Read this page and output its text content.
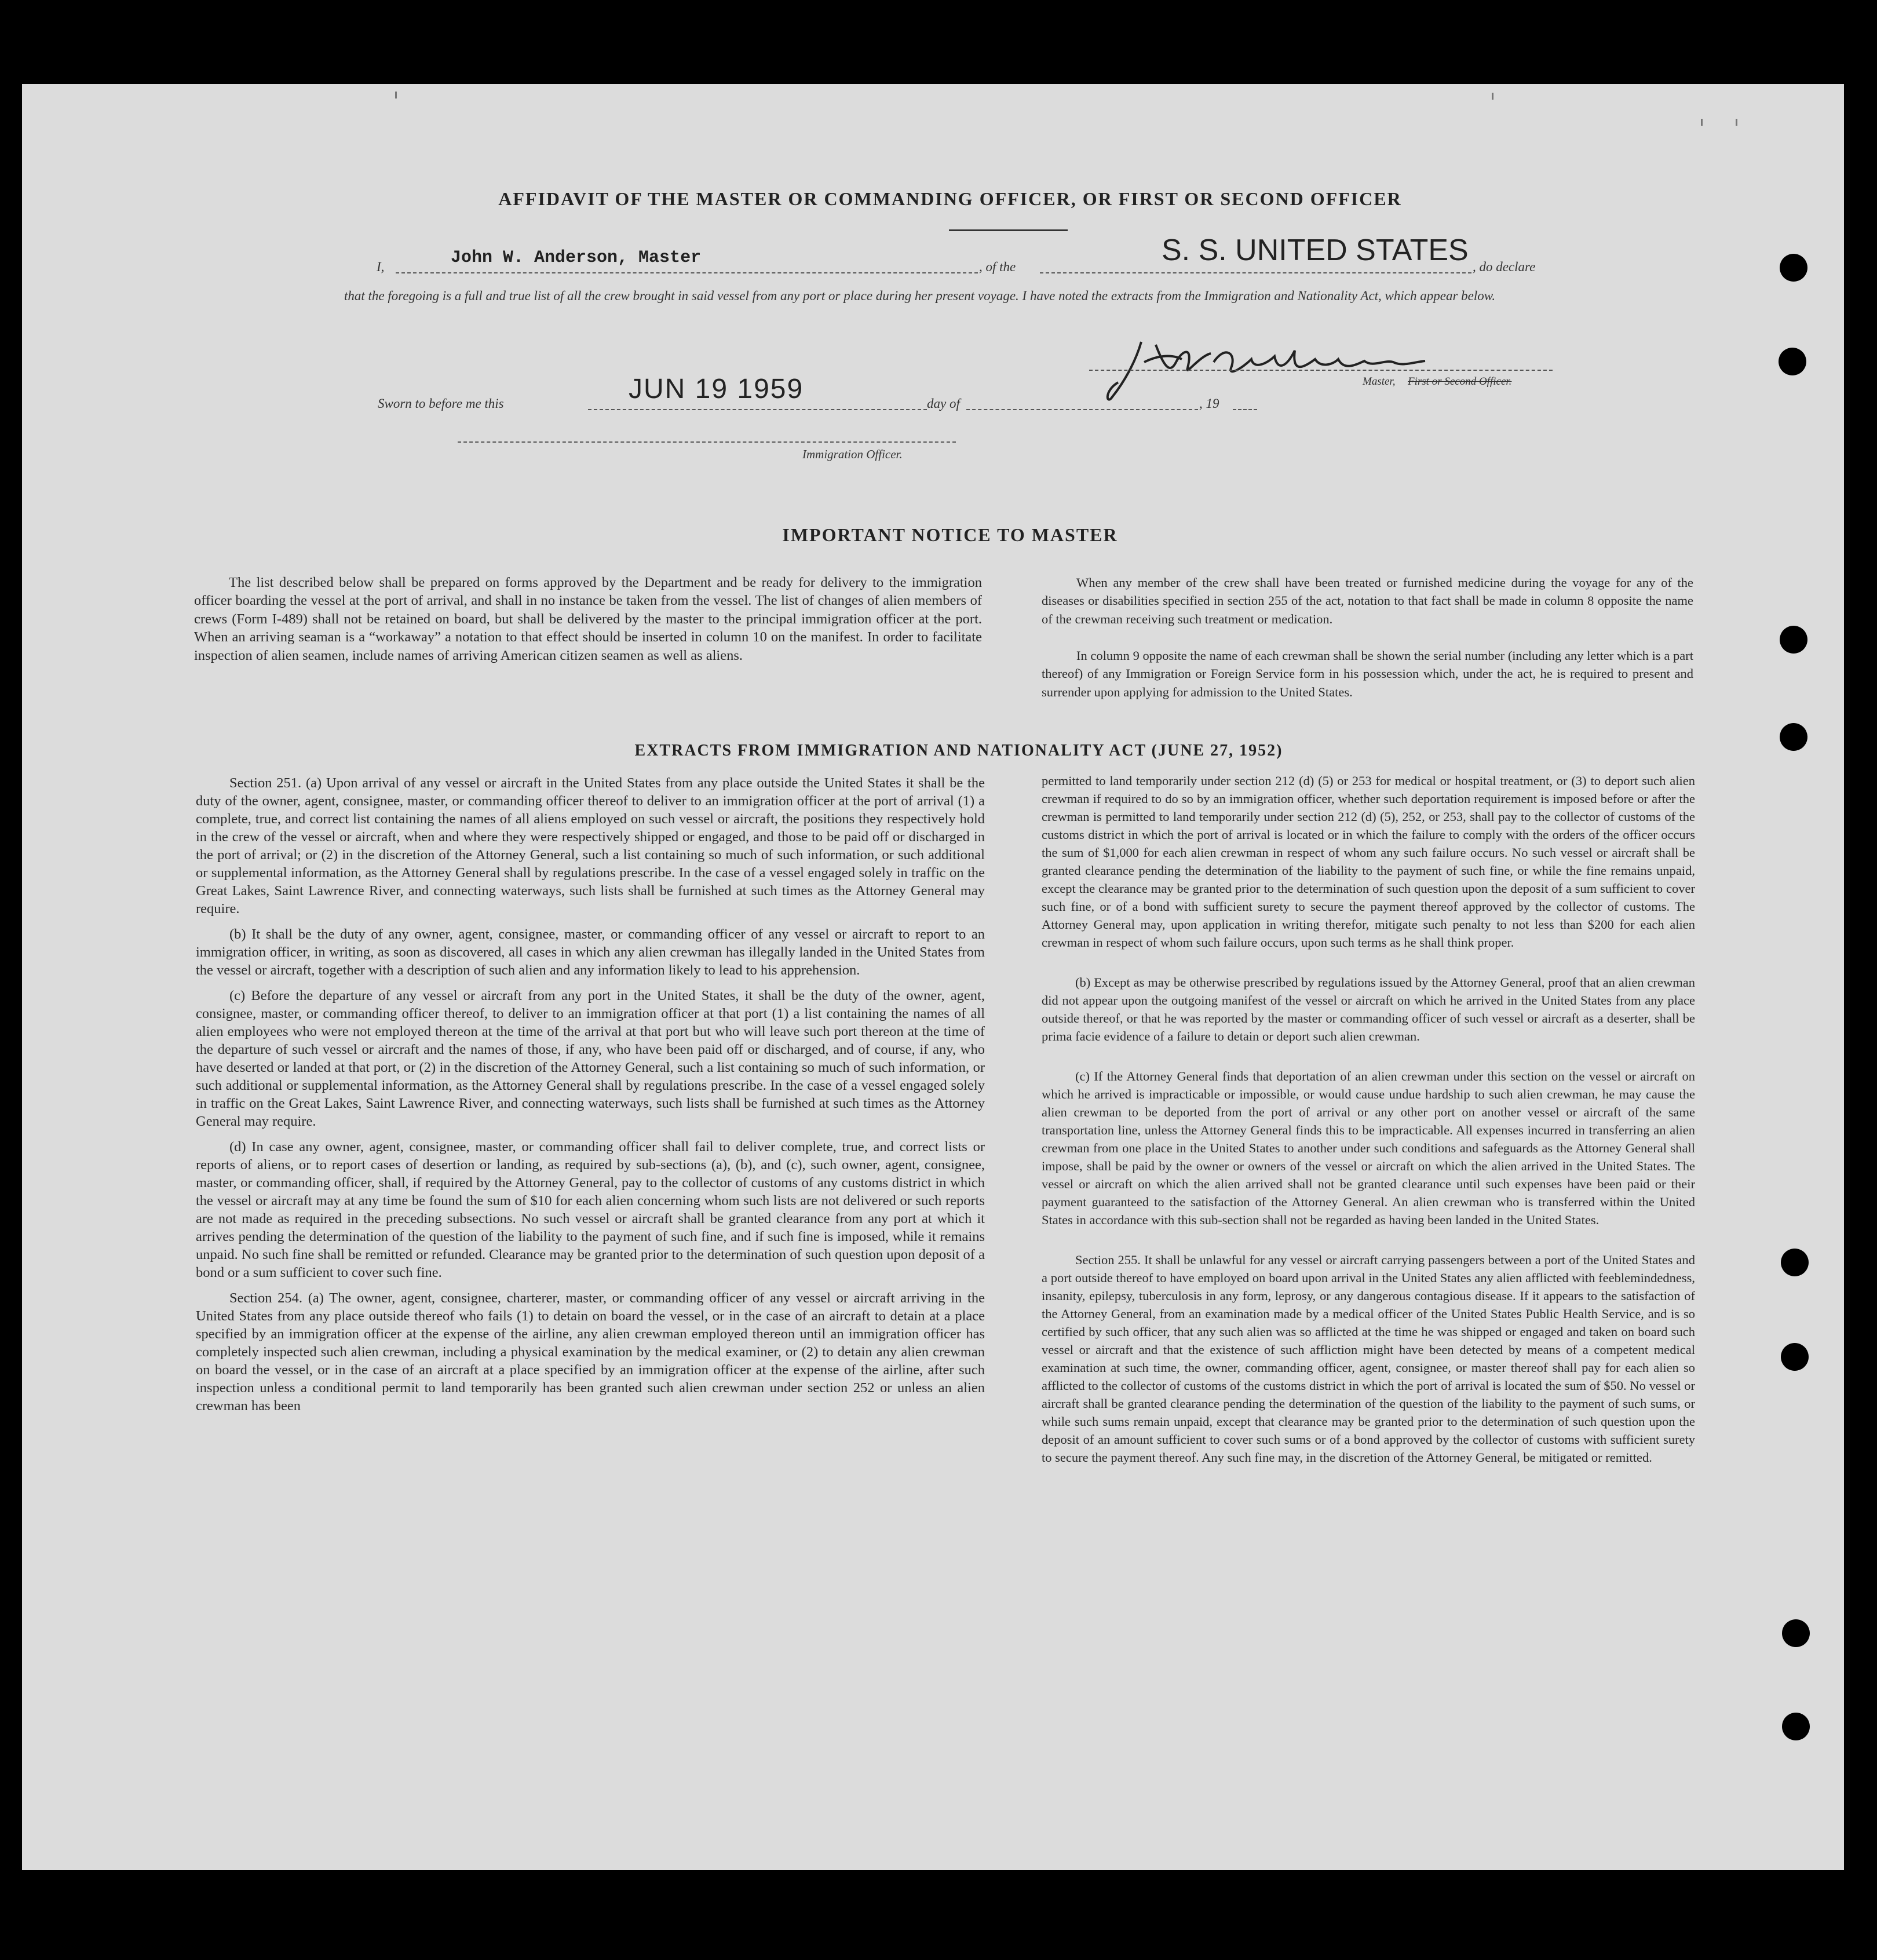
AFFIDAVIT OF THE MASTER OR COMMANDING OFFICER, OR FIRST OR SECOND OFFICER
I,	John W. Anderson, Master	, of the	S. S. UNITED STATES , do declare
that the foregoing is a full and true list of all the crew brought in said vessel from any port or place during her present voyage. I have noted the extracts from the Immigration and Nationality Act, which appear below.
Master, First or Second Officer.
Sworn to before me this	JUN 19 1959	day of	, 19
Immigration Officer.
IMPORTANT NOTICE TO MASTER

The list described below shall be prepared on forms approved by the Department and be ready for delivery to the immigration officer boarding the vessel at the port of arrival, and shall in no instance be taken from the vessel. The list of changes of alien members of crews (Form I-489) shall not be retained on board, but shall be delivered by the master to the principal immigration officer at the port. When an arriving seaman is a “workaway” a notation to that effect should be inserted in column 10 on the manifest. In order to facilitate inspection of alien seamen, include names of arriving American citizen seamen as well as aliens.

When any member of the crew shall have been treated or furnished medicine during the voyage for any of the diseases or disabilities specified in section 255 of the act, notation to that fact shall be made in column 8 opposite the name of the crewman receiving such treatment or medication.

In column 9 opposite the name of each crewman shall be shown the serial number (including any letter which is a part thereof) of any Immigration or Foreign Service form in his possession which, under the act, he is required to present and surrender upon applying for admission to the United States.

EXTRACTS FROM IMMIGRATION AND NATIONALITY ACT (JUNE 27, 1952)

Section 251. (a) Upon arrival of any vessel or aircraft in the United States from any place outside the United States it shall be the duty of the owner, agent, consignee, master, or commanding officer thereof to deliver to an immigration officer at the port of arrival (1) a complete, true, and correct list containing the names of all aliens employed on such vessel or aircraft, the positions they respectively hold in the crew of the vessel or aircraft, when and where they were respectively shipped or engaged, and those to be paid off or discharged in the port of arrival; or (2) in the discretion of the Attorney General, such a list containing so much of such information, or such additional or supplemental information, as the Attorney General shall by regulations prescribe. In the case of a vessel engaged solely in traffic on the Great Lakes, Saint Lawrence River, and connecting waterways, such lists shall be furnished at such times as the Attorney General may require.

(b) It shall be the duty of any owner, agent, consignee, master, or commanding officer of any vessel or aircraft to report to an immigration officer, in writing, as soon as discovered, all cases in which any alien crewman has illegally landed in the United States from the vessel or aircraft, together with a description of such alien and any information likely to lead to his apprehension.

(c) Before the departure of any vessel or aircraft from any port in the United States, it shall be the duty of the owner, agent, consignee, master, or commanding officer thereof, to deliver to an immigration officer at that port (1) a list containing the names of all alien employees who were not employed thereon at the time of the arrival at that port but who will leave such port thereon at the time of the departure of such vessel or aircraft and the names of those, if any, who have been paid off or discharged, and of course, if any, who have deserted or landed at that port, or (2) in the discretion of the Attorney General, such a list containing so much of such information, or such additional or supplemental information, as the Attorney General shall by regulations prescribe. In the case of a vessel engaged solely in traffic on the Great Lakes, Saint Lawrence River, and connecting waterways, such lists shall be furnished at such times as the Attorney General may require.

(d) In case any owner, agent, consignee, master, or commanding officer shall fail to deliver complete, true, and correct lists or reports of aliens, or to report cases of desertion or landing, as required by sub-sections (a), (b), and (c), such owner, agent, consignee, master, or commanding officer, shall, if required by the Attorney General, pay to the collector of customs of any customs district in which the vessel or aircraft may at any time be found the sum of $10 for each alien concerning whom such lists are not delivered or such reports are not made as required in the preceding subsections. No such vessel or aircraft shall be granted clearance from any port at which it arrives pending the determination of the question of the liability to the payment of such fine, and if such fine is imposed, while it remains unpaid. No such fine shall be remitted or refunded. Clearance may be granted prior to the determination of such question upon deposit of a bond or a sum sufficient to cover such fine.

Section 254. (a) The owner, agent, consignee, charterer, master, or commanding officer of any vessel or aircraft arriving in the United States from any place outside thereof who fails (1) to detain on board the vessel, or in the case of an aircraft to detain at a place specified by an immigration officer at the expense of the airline, any alien crewman employed thereon until an immigration officer has completely inspected such alien crewman, including a physical examination by the medical examiner, or (2) to detain any alien crewman on board the vessel, or in the case of an aircraft at a place specified by an immigration officer at the expense of the airline, after such inspection unless a conditional permit to land temporarily has been granted such alien crewman under section 252 or unless an alien crewman has been

permitted to land temporarily under section 212 (d) (5) or 253 for medical or hospital treatment, or (3) to deport such alien crewman if required to do so by an immigration officer, whether such deportation requirement is imposed before or after the crewman is permitted to land temporarily under section 212 (d) (5), 252, or 253, shall pay to the collector of customs of the customs district in which the port of arrival is located or in which the failure to comply with the orders of the officer occurs the sum of $1,000 for each alien crewman in respect of whom any such failure occurs. No such vessel or aircraft shall be granted clearance pending the determination of the liability to the payment of such fine, or while the fine remains unpaid, except the clearance may be granted prior to the determination of such question upon the deposit of a sum sufficient to cover such fine, or of a bond with sufficient surety to secure the payment thereof approved by the collector of customs. The Attorney General may, upon application in writing therefor, mitigate such penalty to not less than $200 for each alien crewman in respect of whom such failure occurs, upon such terms as he shall think proper.

(b) Except as may be otherwise prescribed by regulations issued by the Attorney General, proof that an alien crewman did not appear upon the outgoing manifest of the vessel or aircraft on which he arrived in the United States from any place outside thereof, or that he was reported by the master or commanding officer of such vessel or aircraft as a deserter, shall be prima facie evidence of a failure to detain or deport such alien crewman.

(c) If the Attorney General finds that deportation of an alien crewman under this section on the vessel or aircraft on which he arrived is impracticable or impossible, or would cause undue hardship to such alien crewman, he may cause the alien crewman to be deported from the port of arrival or any other port on another vessel or aircraft of the same transportation line, unless the Attorney General finds this to be impracticable. All expenses incurred in transferring an alien crewman from one place in the United States to another under such conditions and safeguards as the Attorney General shall impose, shall be paid by the owner or owners of the vessel or aircraft on which the alien arrived in the United States. The vessel or aircraft on which the alien arrived shall not be granted clearance until such expenses have been paid or their payment guaranteed to the satisfaction of the Attorney General. An alien crewman who is transferred within the United States in accordance with this sub-section shall not be regarded as having been landed in the United States.

Section 255. It shall be unlawful for any vessel or aircraft carrying passengers between a port of the United States and a port outside thereof to have employed on board upon arrival in the United States any alien afflicted with feeblemindedness, insanity, epilepsy, tuberculosis in any form, leprosy, or any dangerous contagious disease. If it appears to the satisfaction of the Attorney General, from an examination made by a medical officer of the United States Public Health Service, and is so certified by such officer, that any such alien was so afflicted at the time he was shipped or engaged and taken on board such vessel or aircraft and that the existence of such affliction might have been detected by means of a competent medical examination at such time, the owner, commanding officer, agent, consignee, or master thereof shall pay for each alien so afflicted to the collector of customs of the customs district in which the port of arrival is located the sum of $50. No vessel or aircraft shall be granted clearance pending the determination of the question of the liability to the payment of such sums, or while such sums remain unpaid, except that clearance may be granted prior to the determination of such question upon the deposit of an amount sufficient to cover such sums or of a bond approved by the collector of customs with sufficient surety to secure the payment thereof. Any such fine may, in the discretion of the Attorney General, be mitigated or remitted.
